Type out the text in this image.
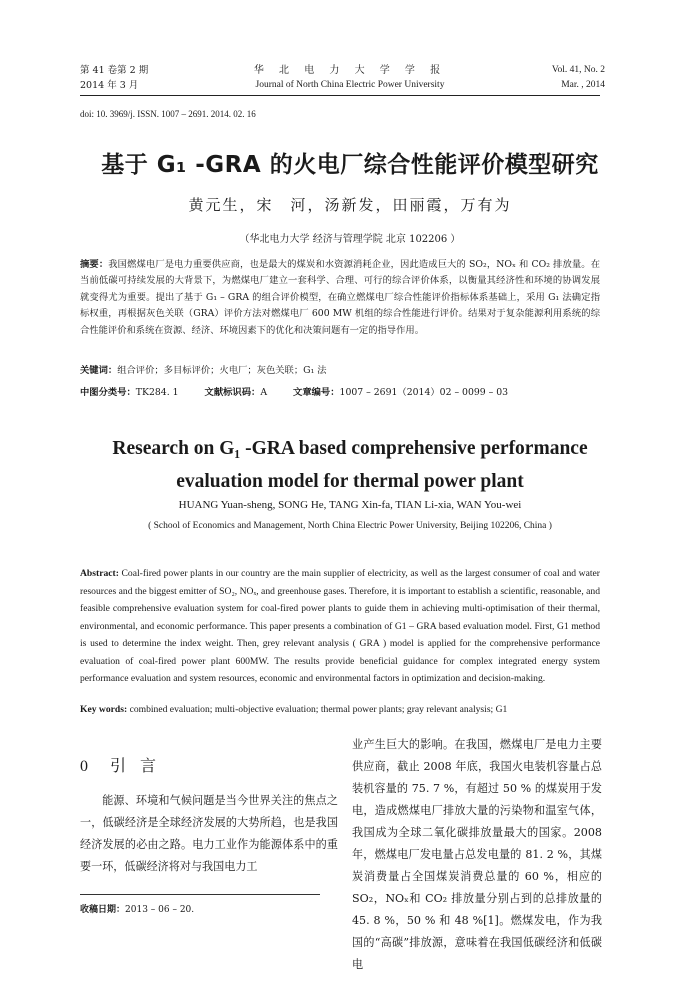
第 41 卷第 2 期
2014 年 3 月
华 北 电 力 大 学 学 报
Journal of North China Electric Power University
Vol. 41, No. 2
Mar. , 2014
doi: 10. 3969/j. ISSN. 1007 – 2691. 2014. 02. 16
基于 G₁ -GRA 的火电厂综合性能评价模型研究
黄元生，宋　河，汤新发，田丽霞，万有为
（华北电力大学 经济与管理学院 北京 102206 ）
摘要：我国燃煤电厂是电力重要供应商，也是最大的煤炭和水资源消耗企业，因此造成巨大的 SO₂，NOₓ 和 CO₂ 排放量。在当前低碳可持续发展的大背景下，为燃煤电厂建立一套科学、合理、可行的综合评价体系，以衡量其经济性和环境的协调发展就变得尤为重要。提出了基于 G₁ – GRA 的组合评价模型，在确立燃煤电厂综合性能评价指标体系基础上，采用 G₁ 法确定指标权重，再根据灰色关联（GRA）评价方法对燃煤电厂 600 MW 机组的综合性能进行评价。结果对于复杂能源利用系统的综合性能评价和系统在资源、经济、环境因素下的优化和决策问题有一定的指导作用。
关键词：组合评价；多目标评价；火电厂；灰色关联；G₁ 法
中图分类号：TK284. 1	文献标识码：A	文章编号：1007 – 2691（2014）02 – 0099 – 03
Research on G₁ -GRA based comprehensive performance
evaluation model for thermal power plant
HUANG Yuan-sheng, SONG He, TANG Xin-fa, TIAN Li-xia, WAN You-wei
( School of Economics and Management, North China Electric Power University, Beijing 102206, China )
Abstract: Coal-fired power plants in our country are the main supplier of electricity, as well as the largest consumer of coal and water resources and the biggest emitter of SO₂, NOₓ, and greenhouse gases. Therefore, it is important to establish a scientific, reasonable, and feasible comprehensive evaluation system for coal-fired power plants to guide them in achieving multi-optimisation of their thermal, environmental, and economic performance. This paper presents a combination of G1 – GRA based evaluation model. First, G1 method is used to determine the index weight. Then, grey relevant analysis ( GRA ) model is applied for the comprehensive performance evaluation of coal-fired power plant 600MW. The results provide beneficial guidance for complex integrated energy system performance evaluation and system resources, economic and environmental factors in optimization and decision-making.
Key words: combined evaluation; multi-objective evaluation; thermal power plants; gray relevant analysis; G1
0 引言
能源、环境和气候问题是当今世界关注的焦点之一，低碳经济是全球经济发展的大势所趋，也是我国经济发展的必由之路。电力工业作为能源体系中的重要一环，低碳经济将对与我国电力工
业产生巨大的影响。在我国，燃煤电厂是电力主要供应商，截止 2008 年底，我国火电装机容量占总装机容量的 75. 7 %，有超过 50 % 的煤炭用于发电，造成燃煤电厂排放大量的污染物和温室气体，我国成为全球二氧化碳排放量最大的国家。2008 年，燃煤电厂发电量占总发电量的 81. 2 %，其煤炭消费量占全国煤炭消费总量的 60 %，相应的 SO₂，NOₓ和 CO₂ 排放量分别占到的总排放量的 45. 8 %，50 % 和 48 %[1]。燃煤发电，作为我国的“高碳”排放源，意味着在我国低碳经济和低碳电
收稿日期：2013 – 06 – 20.
